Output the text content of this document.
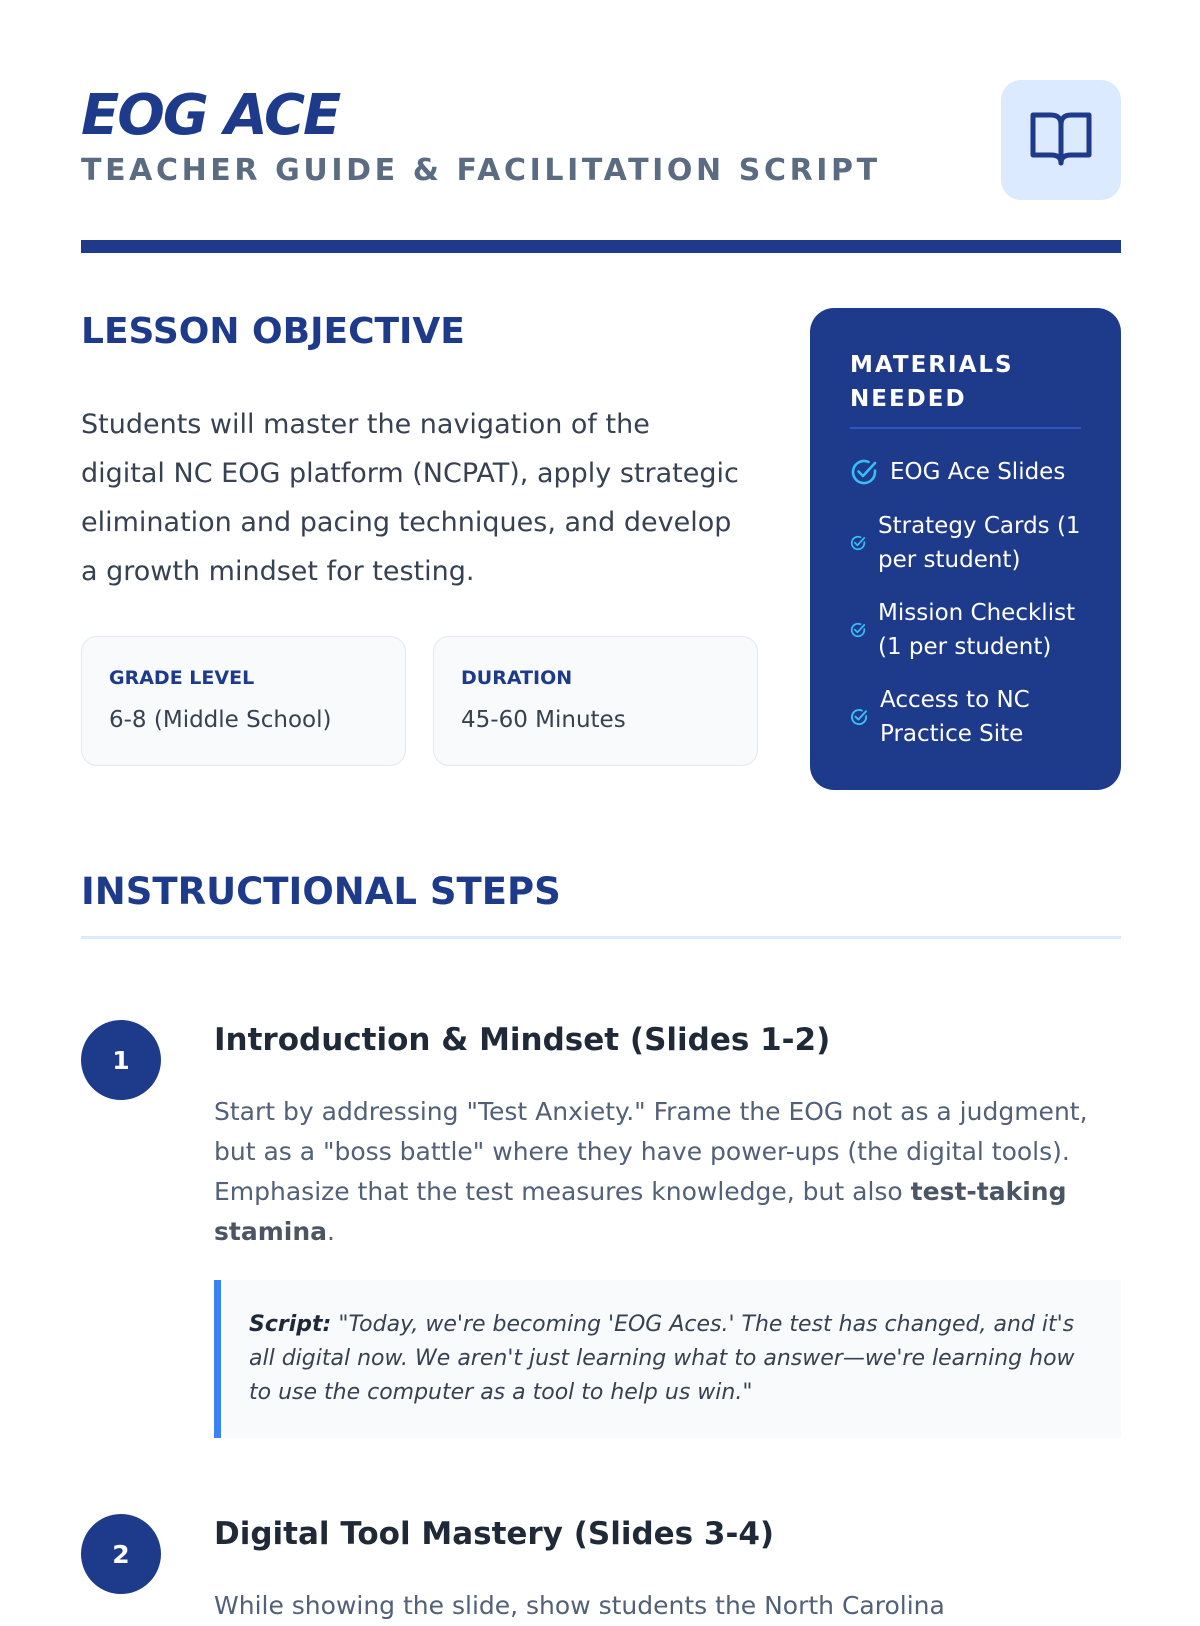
EOG ACE
TEACHER GUIDE & FACILITATION SCRIPT
LESSON OBJECTIVE

Students will master the navigation of the digital NC EOG platform (NCPAT), apply strategic elimination and pacing techniques, and develop a growth mindset for testing.

GRADE LEVEL
6-8 (Middle School)
DURATION
45-60 Minutes
MATERIALS NEEDED
EOG Ace Slides
Strategy Cards (1 per student)
Mission Checklist (1 per student)
Access to NC Practice Site
INSTRUCTIONAL STEPS
1
Introduction & Mindset (Slides 1-2)

Start by addressing "Test Anxiety." Frame the EOG not as a judgment, but as a "boss battle" where they have power-ups (the digital tools). Emphasize that the test measures knowledge, but also test-taking stamina.

Script: "Today, we're becoming 'EOG Aces.' The test has changed, and it's all digital now. We aren't just learning what to answer—we're learning how to use the computer as a tool to help us win."
2
Digital Tool Mastery (Slides 3-4)

While showing the slide, show students the North Carolina
